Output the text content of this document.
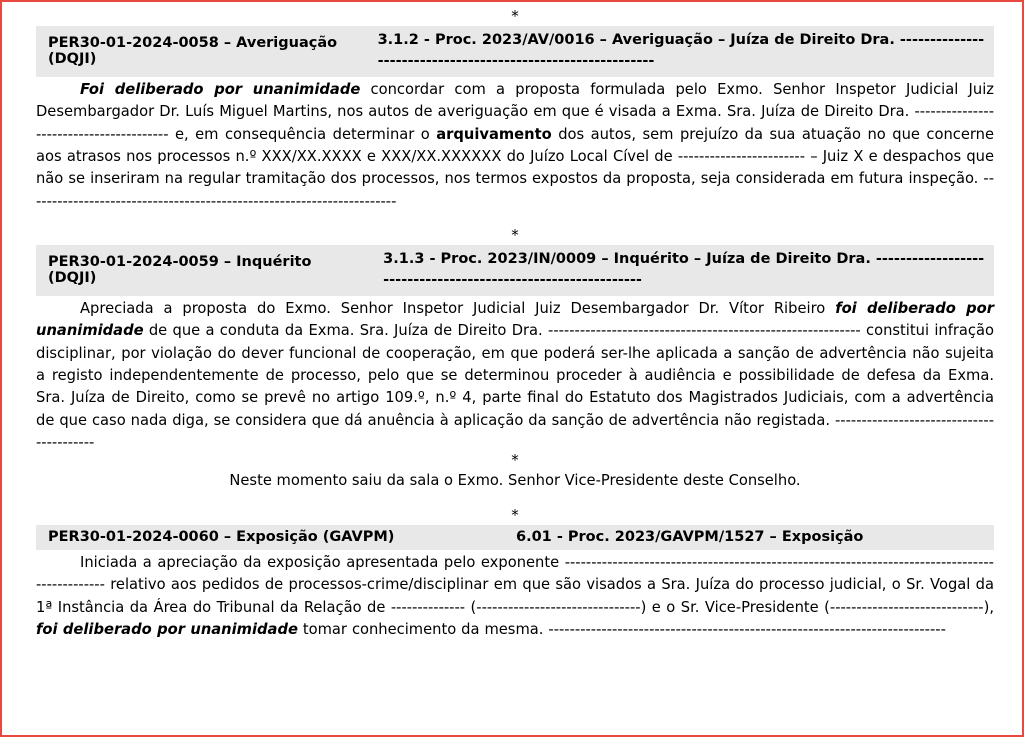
*
PER30-01-2024-0058 – Averiguação (DQJI)
3.1.2 - Proc. 2023/AV/0016 – Averiguação – Juíza de Direito Dra. ------------------------------------------------------------

Foi deliberado por unanimidade concordar com a proposta formulada pelo Exmo. Senhor Inspetor Judicial Juiz Desembargador Dr. Luís Miguel Martins, nos autos de averiguação em que é visada a Exma. Sra. Juíza de Direito Dra. ---------------------------------------- e, em consequência determinar o arquivamento dos autos, sem prejuízo da sua atuação no que concerne aos atrasos nos processos n.º XXX/XX.XXXX e XXX/XX.XXXXXX do Juízo Local Cível de ------------------------ – Juiz X e despachos que não se inseriram na regular tramitação dos processos, nos termos expostos da proposta, seja considerada em futura inspeção. ----------------------------------------------------------------------

*
PER30-01-2024-0059 – Inquérito (DQJI)
3.1.3 - Proc. 2023/IN/0009 – Inquérito – Juíza de Direito Dra. -------------------------------------------------------------

Apreciada a proposta do Exmo. Senhor Inspetor Judicial Juiz Desembargador Dr. Vítor Ribeiro foi deliberado por unanimidade de que a conduta da Exma. Sra. Juíza de Direito Dra. ----------------------------------------------------------- constitui infração disciplinar, por violação do dever funcional de cooperação, em que poderá ser-lhe aplicada a sanção de advertência não sujeita a registo independentemente de processo, pelo que se determinou proceder à audiência e possibilidade de defesa da Exma. Sra. Juíza de Direito, como se prevê no artigo 109.º, n.º 4, parte final do Estatuto dos Magistrados Judiciais, com a advertência de que caso nada diga, se considera que dá anuência à aplicação da sanção de advertência não registada. -----------------------------------------

*

Neste momento saiu da sala o Exmo. Senhor Vice-Presidente deste Conselho.

*
PER30-01-2024-0060 – Exposição (GAVPM)	6.01 - Proc. 2023/GAVPM/1527 – Exposição

Iniciada a apreciação da exposição apresentada pelo exponente ---------------------------------------------------------------------------------------------- relativo aos pedidos de processos-crime/disciplinar em que são visados a Sra. Juíza do processo judicial, o Sr. Vogal da 1ª Instância da Área do Tribunal da Relação de -------------- (-------------------------------) e o Sr. Vice-Presidente (-----------------------------), foi deliberado por unanimidade tomar conhecimento da mesma. ---------------------------------------------------------------------------
